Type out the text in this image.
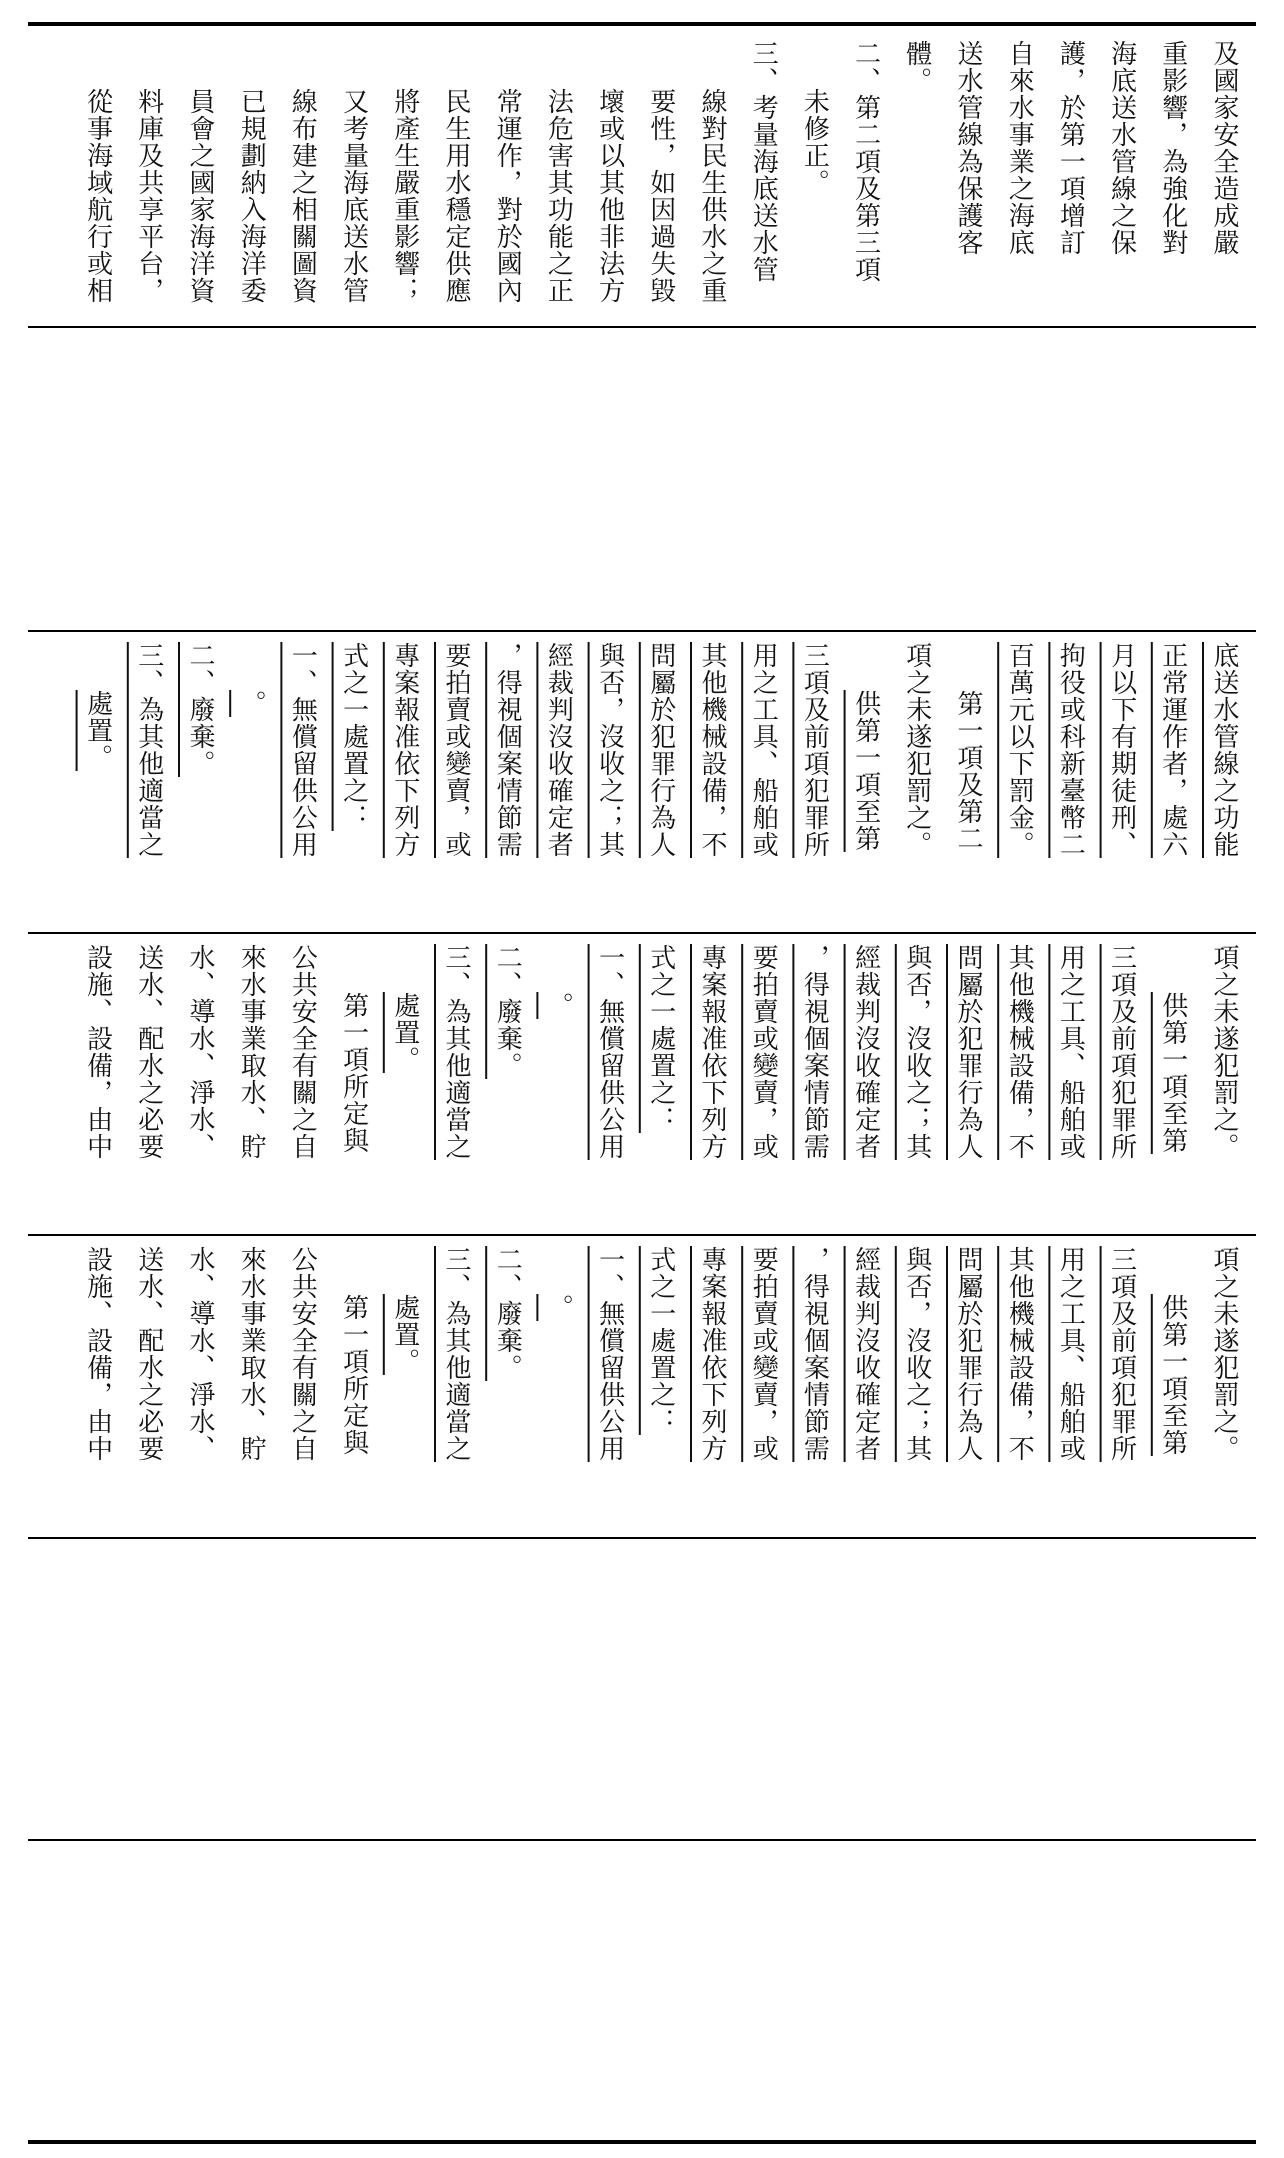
及國家安全造成嚴
重影響，為強化對
海底送水管線之保
護，於第一項增訂
自來水事業之海底
送水管線為保護客
體。
二、第二項及第三項
未修正。
三、考量海底送水管
線對民生供水之重
要性，如因過失毀
壞或以其他非法方
法危害其功能之正
常運作，對於國內
民生用水穩定供應
將產生嚴重影響；
又考量海底送水管
線布建之相關圖資
已規劃納入海洋委
員會之國家海洋資
料庫及共享平台，
從事海域航行或相
底送水管線之功能
正常運作者，處六
月以下有期徒刑、
拘役或科新臺幣二
百萬元以下罰金。
第一項及第二
項之未遂犯罰之。
供第一項至第
三項及前項犯罪所
用之工具、船舶或
其他機械設備，不
問屬於犯罪行為人
與否，沒收之；其
經裁判沒收確定者
，得視個案情節需
要拍賣或變賣，或
專案報准依下列方
式之一處置之：
一、無償留供公用
。
二、廢棄。
三、為其他適當之
處置。
項之未遂犯罰之。
供第一項至第
三項及前項犯罪所
用之工具、船舶或
其他機械設備，不
問屬於犯罪行為人
與否，沒收之；其
經裁判沒收確定者
，得視個案情節需
要拍賣或變賣，或
專案報准依下列方
式之一處置之：
一、無償留供公用
。
二、廢棄。
三、為其他適當之
處置。
第一項所定與
公共安全有關之自
來水事業取水、貯
水、導水、淨水、
送水、配水之必要
設施、設備，由中
項之未遂犯罰之。
供第一項至第
三項及前項犯罪所
用之工具、船舶或
其他機械設備，不
問屬於犯罪行為人
與否，沒收之；其
經裁判沒收確定者
，得視個案情節需
要拍賣或變賣，或
專案報准依下列方
式之一處置之：
一、無償留供公用
。
二、廢棄。
三、為其他適當之
處置。
第一項所定與
公共安全有關之自
來水事業取水、貯
水、導水、淨水、
送水、配水之必要
設施、設備，由中
